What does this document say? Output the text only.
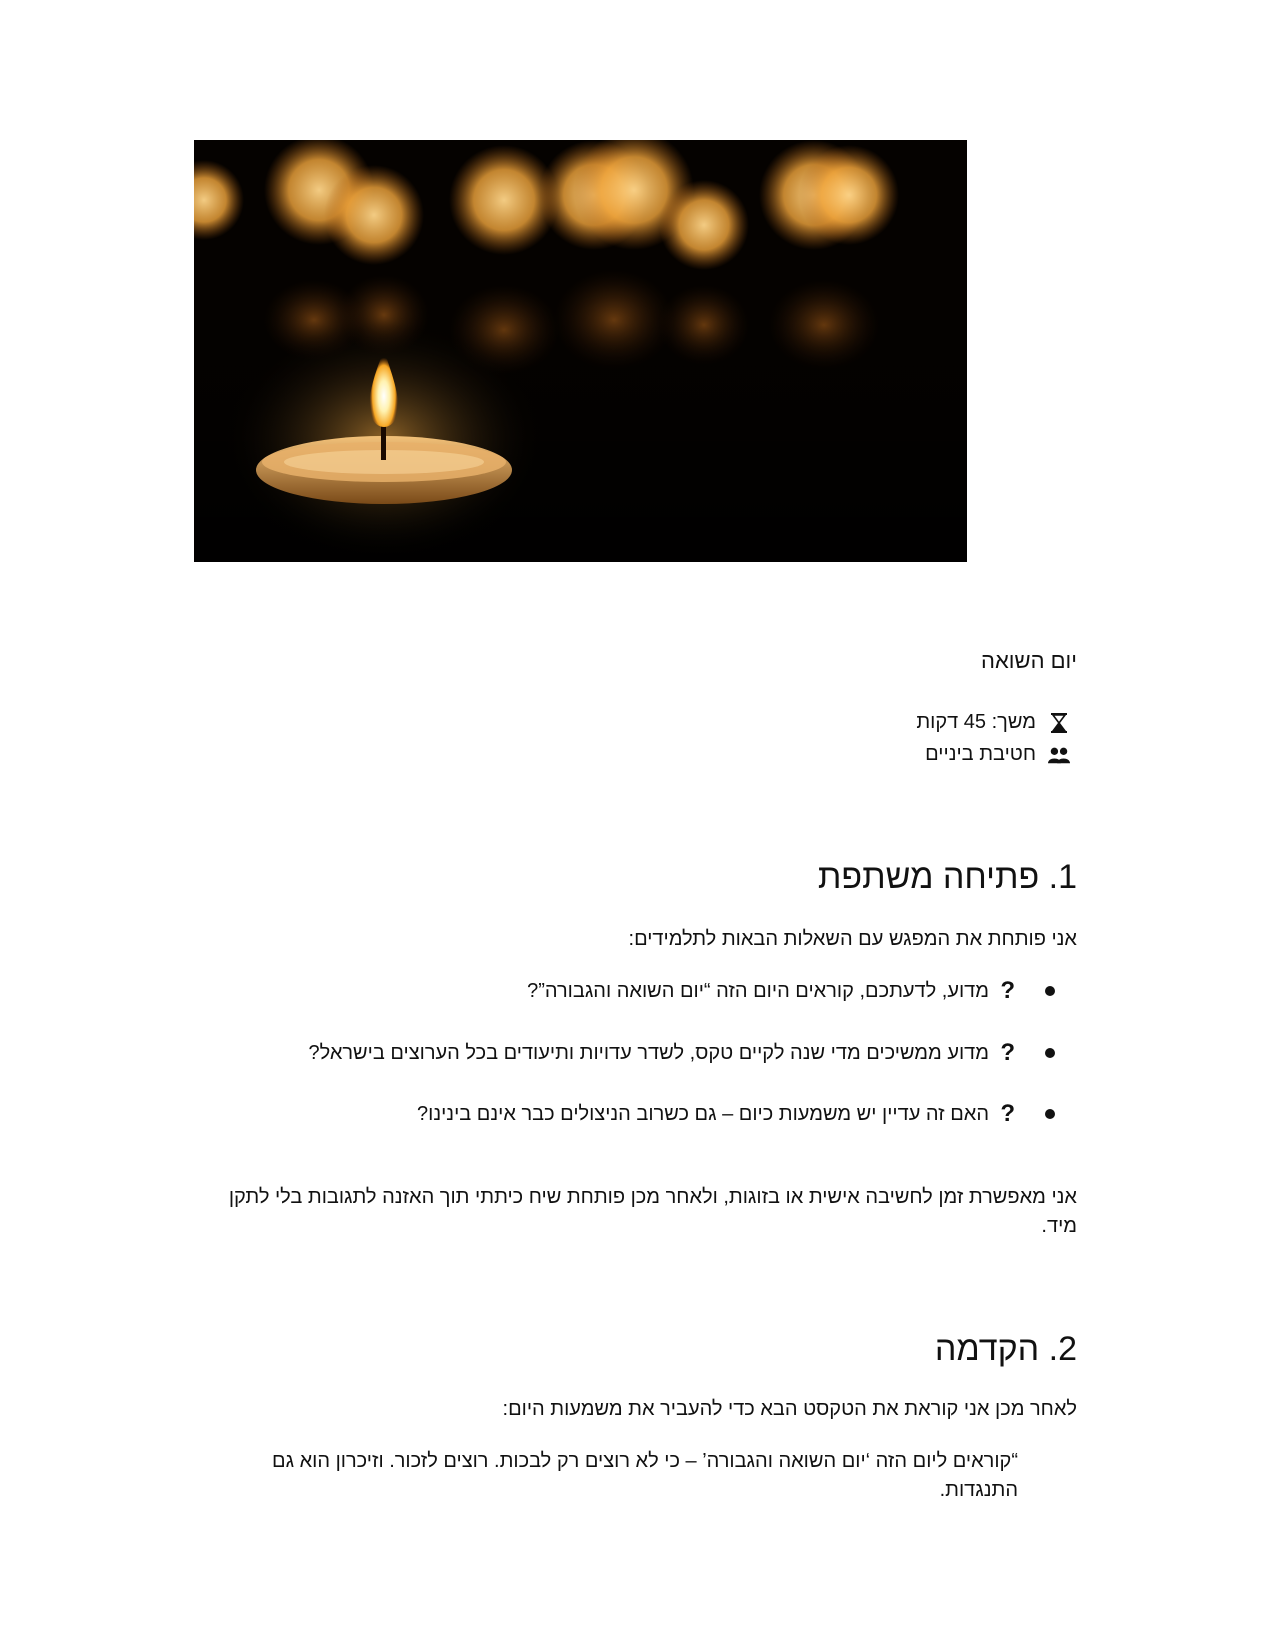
יום השואה
משך: 45 דקות
חטיבת ביניים
1. פתיחה משתפת
אני פותחת את המפגש עם השאלות הבאות לתלמידים:
?
מדוע, לדעתכם, קוראים היום הזה “יום השואה והגבורה”?
?
מדוע ממשיכים מדי שנה לקיים טקס, לשדר עדויות ותיעודים בכל הערוצים בישראל?
?
האם זה עדיין יש משמעות כיום – גם כשרוב הניצולים כבר אינם בינינו?
אני מאפשרת זמן לחשיבה אישית או בזוגות, ולאחר מכן פותחת שיח כיתתי תוך האזנה לתגובות בלי לתקן מיד.
2. הקדמה
לאחר מכן אני קוראת את הטקסט הבא כדי להעביר את משמעות היום:
“קוראים ליום הזה ‘יום השואה והגבורה’ – כי לא רוצים רק לבכות. רוצים לזכור. וזיכרון הוא גם התנגדות.
